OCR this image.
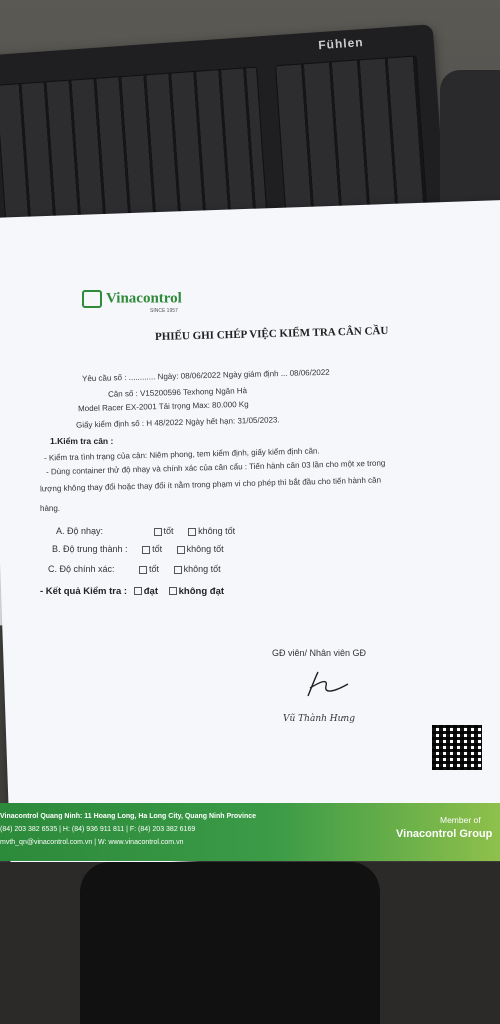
Fühlen
Vinacontrol
SINCE 1957
PHIẾU GHI CHÉP VIỆC KIỂM TRA CÂN CẦU
Yêu cầu số : ............ Ngày: 08/06/2022 Ngày giám định ... 08/06/2022
Cân số : V15200596 Texhong Ngân Hà
Model Racer EX-2001 Tải trọng Max: 80.000 Kg
Giấy kiểm định số : H 48/2022 Ngày hết hạn: 31/05/2023.
1.Kiểm tra cân :
- Kiểm tra tình trạng của cân: Niêm phong, tem kiểm định, giấy kiểm định cân.
- Dùng container thử độ nhạy và chính xác của cân cẩu : Tiến hành cân 03 lần cho một xe trong
lượng không thay đổi hoặc thay đổi ít nằm trong phạm vi cho phép thì bắt đầu cho tiến hành cân
hàng.
A. Độ nhạy:	tốt	không tốt
B. Độ trung thành :	tốt	không tốt
C. Độ chính xác:	tốt	không tốt
- Kết quả Kiểm tra : đạt không đạt
GĐ viên/ Nhân viên GĐ
Vũ Thành Hưng
Vinacontrol Quang Ninh: 11 Hoang Long, Ha Long City, Quang Ninh Province
(84) 203 382 6535 | H: (84) 936 911 811 | F: (84) 203 382 6169
mvth_qn@vinacontrol.com.vn | W: www.vinacontrol.com.vn
Member of
Vinacontrol Group
